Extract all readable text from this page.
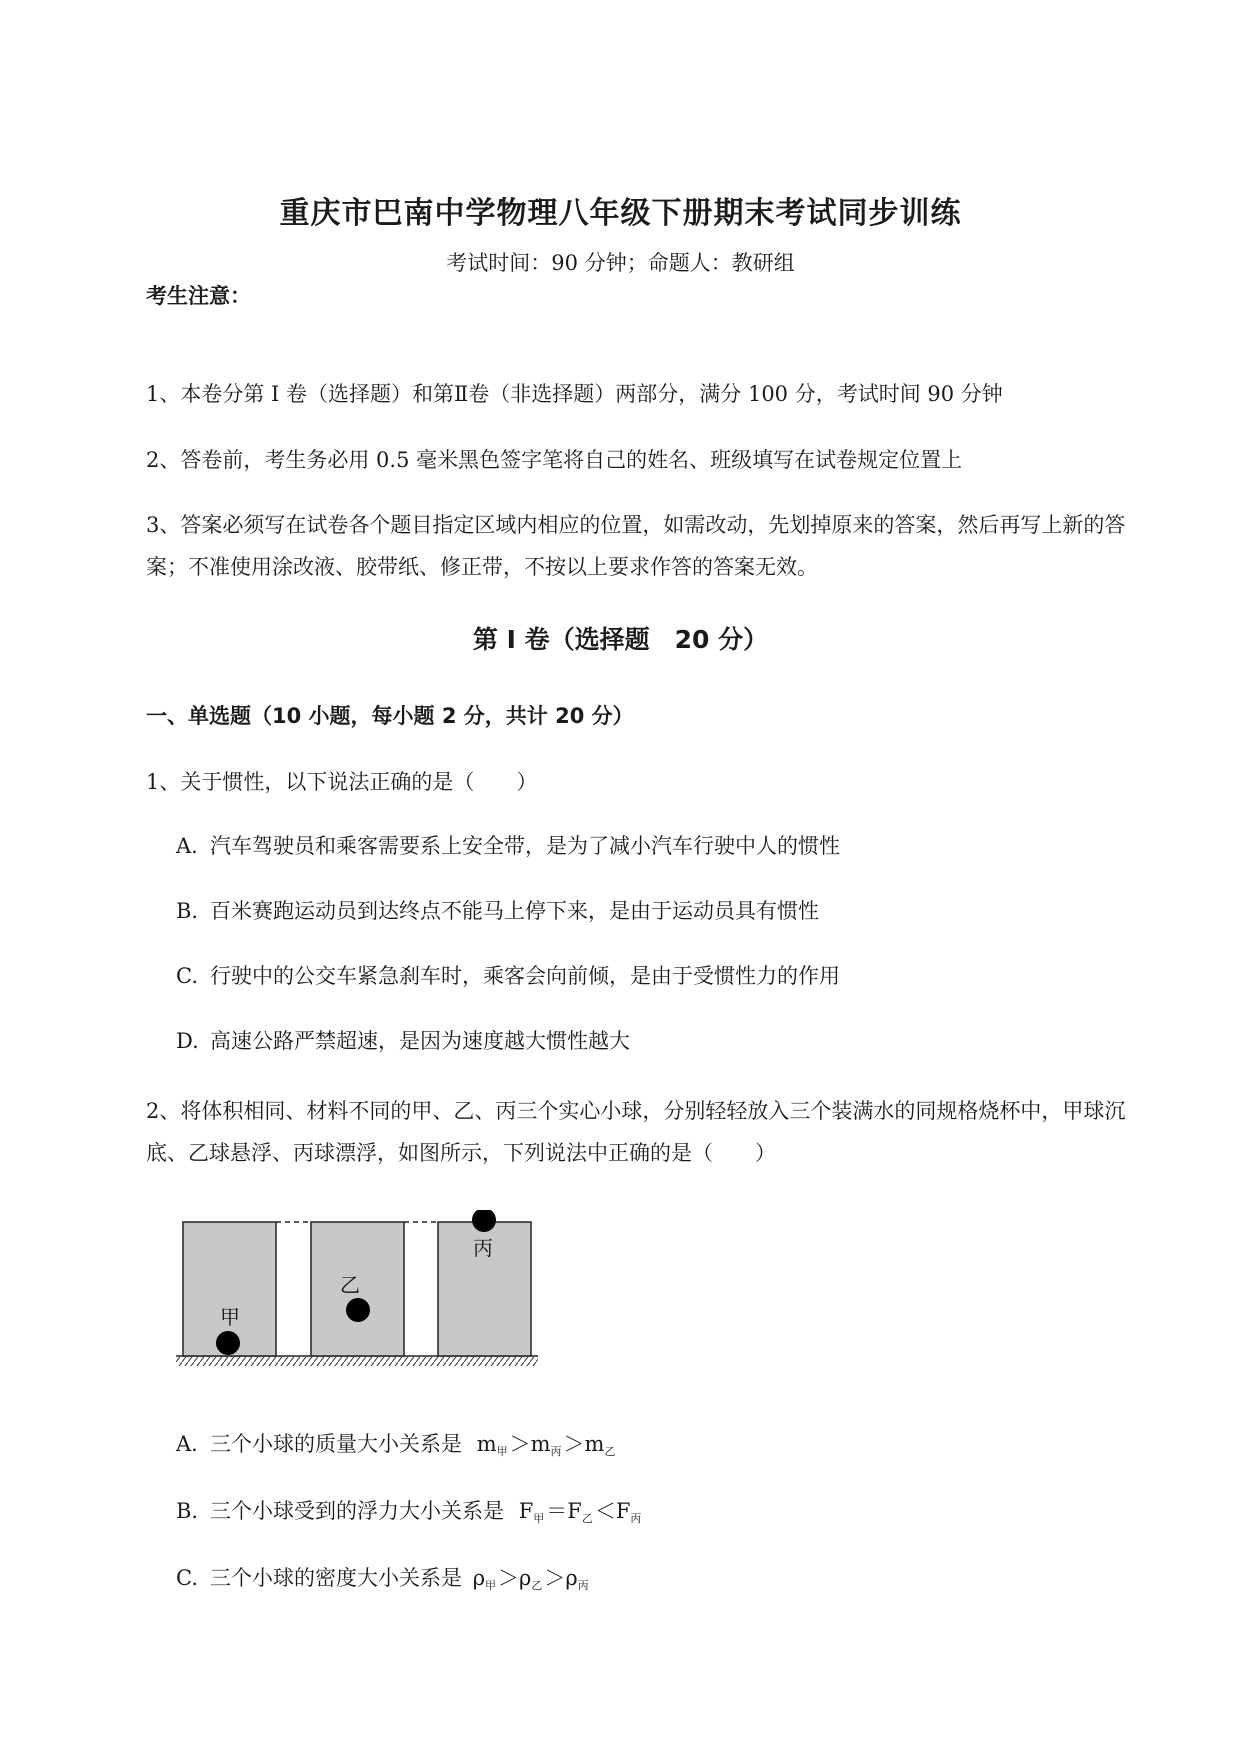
重庆市巴南中学物理八年级下册期末考试同步训练
考试时间：90 分钟；命题人：教研组
考生注意：
1、本卷分第 I 卷（选择题）和第Ⅱ卷（非选择题）两部分，满分 100 分，考试时间 90 分钟
2、答卷前，考生务必用 0.5 毫米黑色签字笔将自己的姓名、班级填写在试卷规定位置上
3、答案必须写在试卷各个题目指定区域内相应的位置，如需改动，先划掉原来的答案，然后再写上新的答案；不准使用涂改液、胶带纸、修正带，不按以上要求作答的答案无效。
第 I 卷（选择题　20 分）
一、单选题（10 小题，每小题 2 分，共计 20 分）
1、关于惯性，以下说法正确的是（　　）
A. 汽车驾驶员和乘客需要系上安全带，是为了减小汽车行驶中人的惯性
B. 百米赛跑运动员到达终点不能马上停下来，是由于运动员具有惯性
C. 行驶中的公交车紧急刹车时，乘客会向前倾，是由于受惯性力的作用
D. 高速公路严禁超速，是因为速度越大惯性越大
2、将体积相同、材料不同的甲、乙、丙三个实心小球，分别轻轻放入三个装满水的同规格烧杯中，甲球沉底、乙球悬浮、丙球漂浮，如图所示，下列说法中正确的是（　　）
甲
乙
丙
A. 三个小球的质量大小关系是 $m_甲>m_丙>m_乙$
B. 三个小球受到的浮力大小关系是 $F_甲=F_乙<F_丙$
C. 三个小球的密度大小关系是 $\rho_甲>\rho_乙>\rho_丙$
